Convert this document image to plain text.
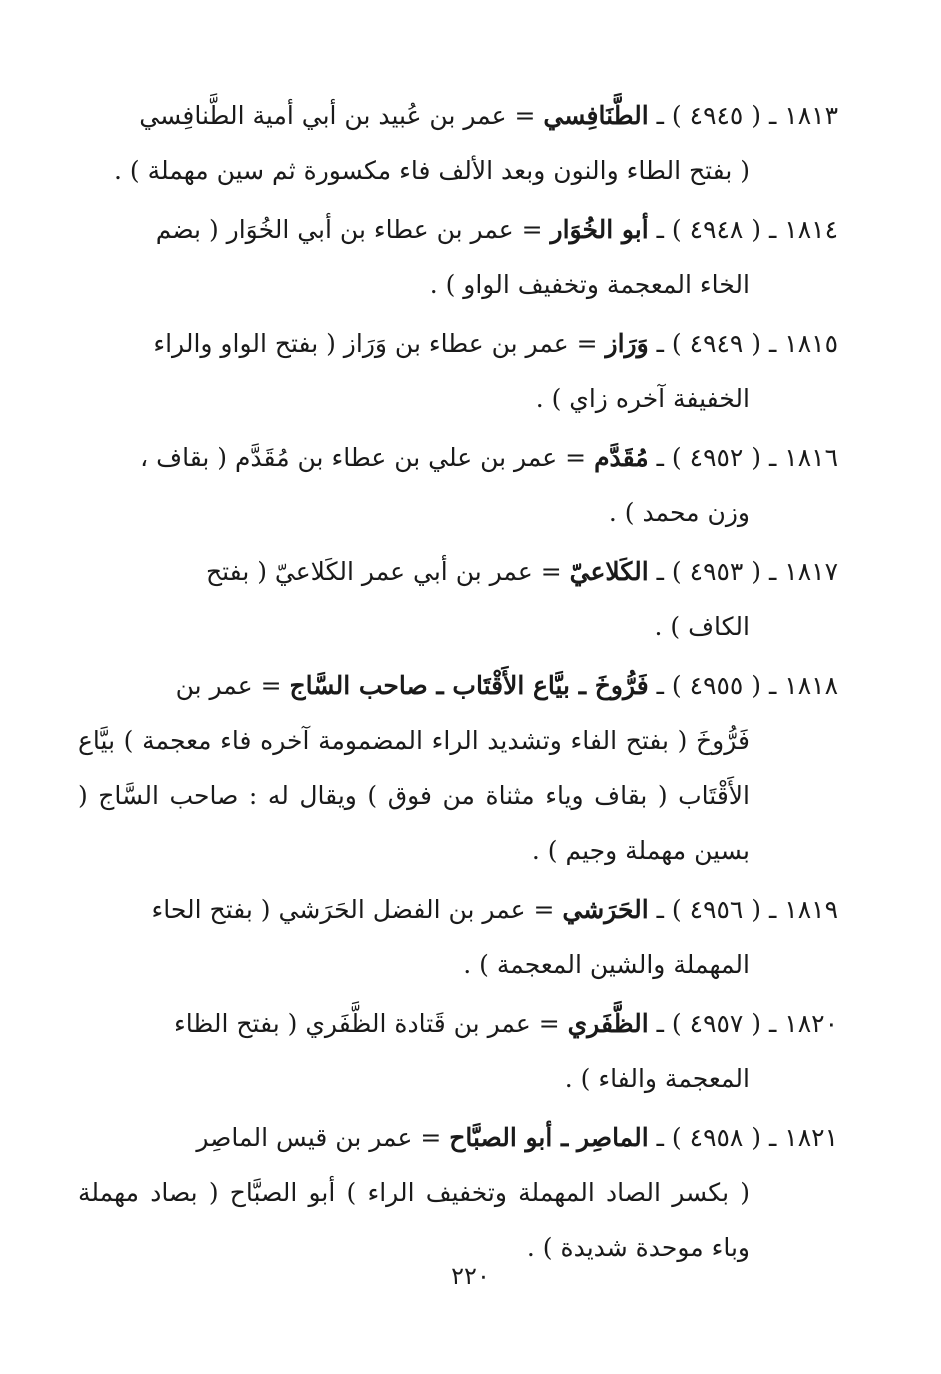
١٨١٣ ـ ( ٤٩٤٥ ) ـ الطَّنَافِسي = عمر بن عُبيد بن أبي أمية الطَّنافِسي
( بفتح الطاء والنون وبعد الألف فاء مكسورة ثم سين مهملة ) .
١٨١٤ ـ ( ٤٩٤٨ ) ـ أبو الخُوَار = عمر بن عطاء بن أبي الخُوَار ( بضم
الخاء المعجمة وتخفيف الواو ) .
١٨١٥ ـ ( ٤٩٤٩ ) ـ وَرَاز = عمر بن عطاء بن وَرَاز ( بفتح الواو والراء
الخفيفة آخره زاي ) .
١٨١٦ ـ ( ٤٩٥٢ ) ـ مُقَدَّم = عمر بن علي بن عطاء بن مُقَدَّم ( بقاف ،
وزن محمد ) .
١٨١٧ ـ ( ٤٩٥٣ ) ـ الكَلاعيّ = عمر بن أبي عمر الكَلاعيّ ( بفتح
الكاف ) .
١٨١٨ ـ ( ٤٩٥٥ ) ـ فَرُّوخَ ـ بيَّاع الأَقْتَاب ـ صاحب السَّاج = عمر بن
فَرُّوخَ ( بفتح الفاء وتشديد الراء المضمومة آخره فاء معجمة ) بيَّاع الأَقْتَاب ( بقاف وياء مثناة من فوق ) ويقال له : صاحب السَّاج ( بسين مهملة وجيم ) .
١٨١٩ ـ ( ٤٩٥٦ ) ـ الحَرَشي = عمر بن الفضل الحَرَشي ( بفتح الحاء
المهملة والشين المعجمة ) .
١٨٢٠ ـ ( ٤٩٥٧ ) ـ الظَّفَري = عمر بن قَتادة الظَّفَري ( بفتح الظاء
المعجمة والفاء ) .
١٨٢١ ـ ( ٤٩٥٨ ) ـ الماصِر ـ أبو الصبَّاح = عمر بن قيس الماصِر
( بكسر الصاد المهملة وتخفيف الراء ) أبو الصبَّاح ( بصاد مهملة وباء موحدة شديدة ) .
٢٢٠
